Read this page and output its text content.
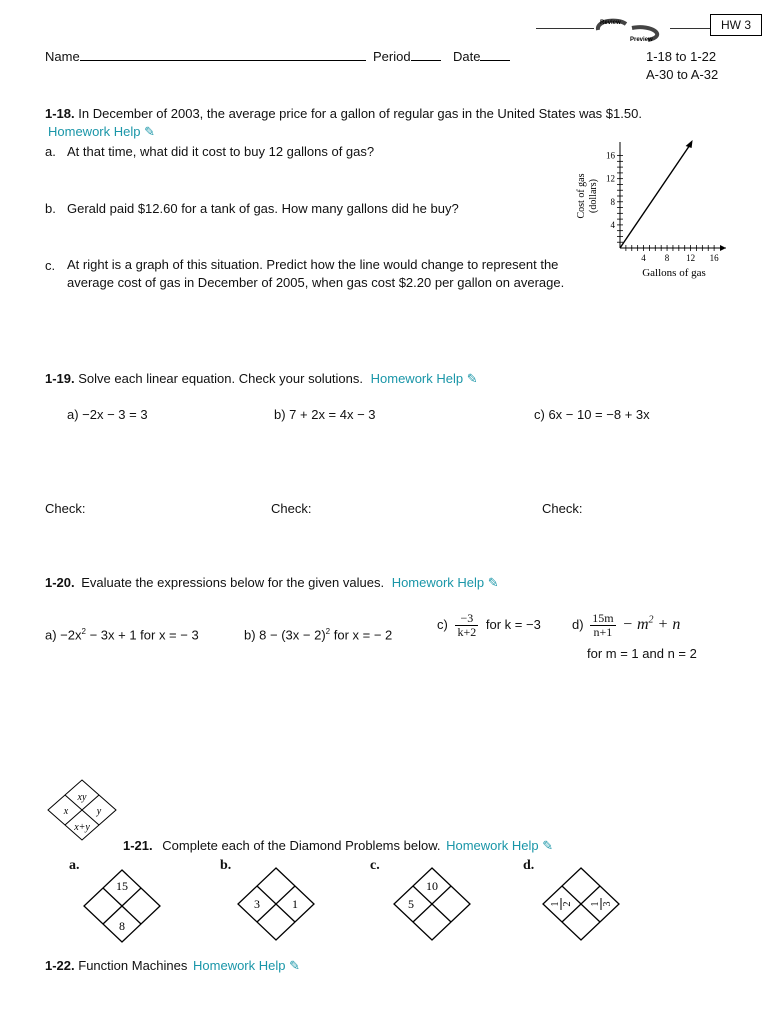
Review
Preview
HW 3
Name	Period	Date	1-18 to 1-22
A-30 to A-32
1-18. In December of 2003, the average price for a gallon of regular gas in the United States was $1.50.
Homework Help ✎
a. At that time, what did it cost to buy 12 gallons of gas?
b. Gerald paid $12.60 for a tank of gas. How many gallons did he buy?
c. At right is a graph of this situation. Predict how the line would change to represent the average cost of gas in December of 2005, when gas cost $2.20 per gallon on average.
4 8 12 16
4
8
12
16
Gallons of gas
Cost of gas (dollars)
1-19. Solve each linear equation. Check your solutions. Homework Help ✎
a) −2x − 3 = 3	b) 7 + 2x = 4x − 3	c) 6x − 10 = −8 + 3x
Check:	Check:	Check:
1-20. Evaluate the expressions below for the given values. Homework Help ✎
$a) -2x^2 - 3x + 1$ for x = − 3	b) $8 - (3x - 2)^2$ for x = − 2
$c) \frac{-3}{k+2}$ for k = −3 $d) \frac{15m}{n+1} - m^2 + n$
for m = 1 and n = 2
xy
x	y
x+y
1-21. Complete each of the Diamond Problems below. Homework Help ✎
a.	b.	c.	d.
15
8
3	1
10
5	1 2 1 3
1-22. Function Machines Homework Help ✎
